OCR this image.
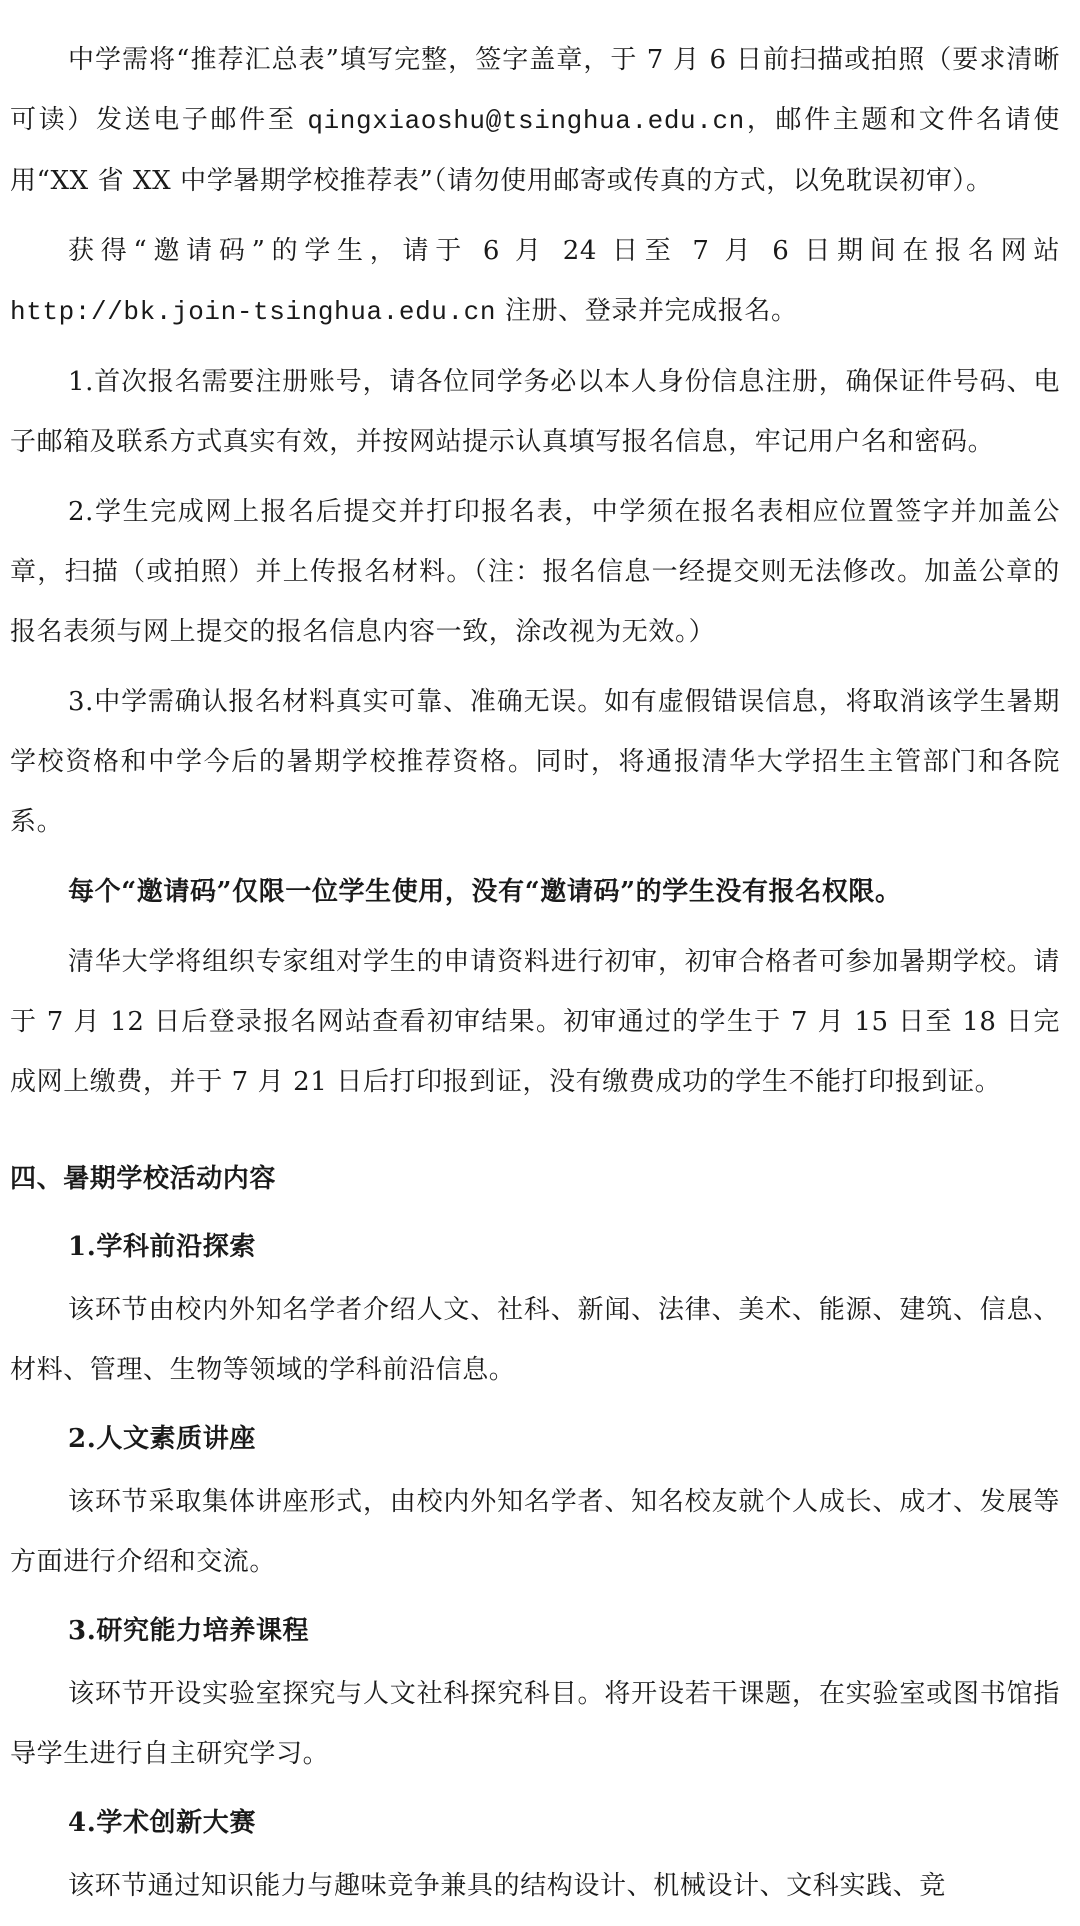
中学需将“推荐汇总表”填写完整，签字盖章，于 7 月 6 日前扫描或拍照（要求清晰可读）发送电子邮件至 qingxiaoshu@tsinghua.edu.cn，邮件主题和文件名请使用“XX 省 XX 中学暑期学校推荐表”（请勿使用邮寄或传真的方式，以免耽误初审）。

获得“邀请码”的学生，请于 6 月 24 日至 7 月 6 日期间在报名网站 http://bk.join-tsinghua.edu.cn 注册、登录并完成报名。

1.首次报名需要注册账号，请各位同学务必以本人身份信息注册，确保证件号码、电子邮箱及联系方式真实有效，并按网站提示认真填写报名信息，牢记用户名和密码。

2.学生完成网上报名后提交并打印报名表，中学须在报名表相应位置签字并加盖公章，扫描（或拍照）并上传报名材料。（注：报名信息一经提交则无法修改。加盖公章的报名表须与网上提交的报名信息内容一致，涂改视为无效。）

3.中学需确认报名材料真实可靠、准确无误。如有虚假错误信息，将取消该学生暑期学校资格和中学今后的暑期学校推荐资格。同时，将通报清华大学招生主管部门和各院系。

每个“邀请码”仅限一位学生使用，没有“邀请码”的学生没有报名权限。

清华大学将组织专家组对学生的申请资料进行初审，初审合格者可参加暑期学校。请于 7 月 12 日后登录报名网站查看初审结果。初审通过的学生于 7 月 15 日至 18 日完成网上缴费，并于 7 月 21 日后打印报到证，没有缴费成功的学生不能打印报到证。

四、暑期学校活动内容
1.学科前沿探索

该环节由校内外知名学者介绍人文、社科、新闻、法律、美术、能源、建筑、信息、材料、管理、生物等领域的学科前沿信息。

2.人文素质讲座

该环节采取集体讲座形式，由校内外知名学者、知名校友就个人成长、成才、发展等方面进行介绍和交流。

3.研究能力培养课程

该环节开设实验室探究与人文社科探究科目。将开设若干课题，在实验室或图书馆指导学生进行自主研究学习。

4.学术创新大赛

该环节通过知识能力与趣味竞争兼具的结构设计、机械设计、文科实践、竞
